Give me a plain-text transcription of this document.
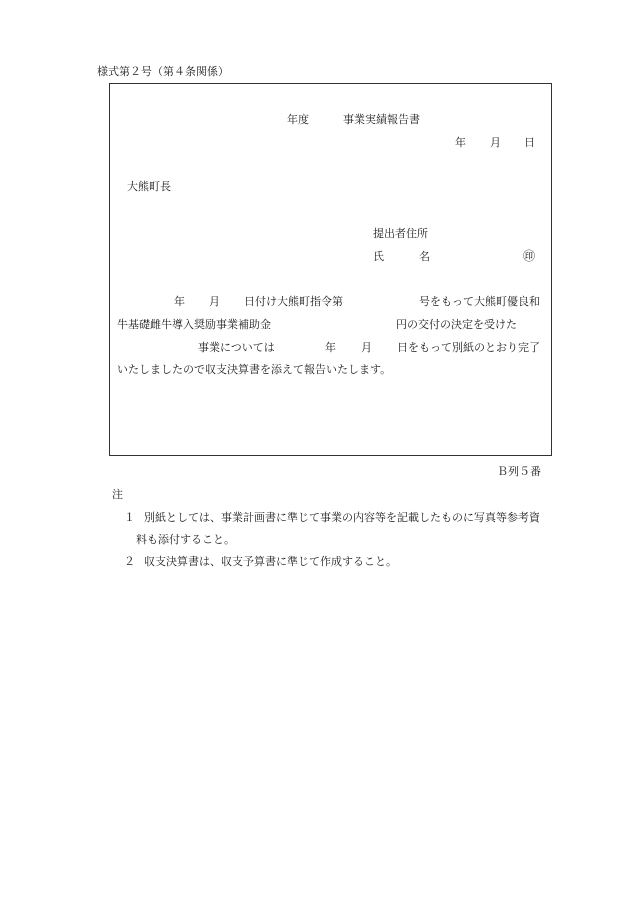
様式第２号（第４条関係）
年度	事業実績報告書
年 月 日
大熊町長
提出者住所
氏	名	㊞
年 月 日付け大熊町指令第	号をもって大熊町優良和
牛基礎雌牛導入奨励事業補助金	円の交付の決定を受けた
事業については	年 月 日をもって別紙のとおり完了
いたしましたので収支決算書を添えて報告いたします。
Ｂ列５番
注
１ 別紙としては、事業計画書に準じて事業の内容等を記載したものに写真等参考資
料も添付すること。
２ 収支決算書は、収支予算書に準じて作成すること。
